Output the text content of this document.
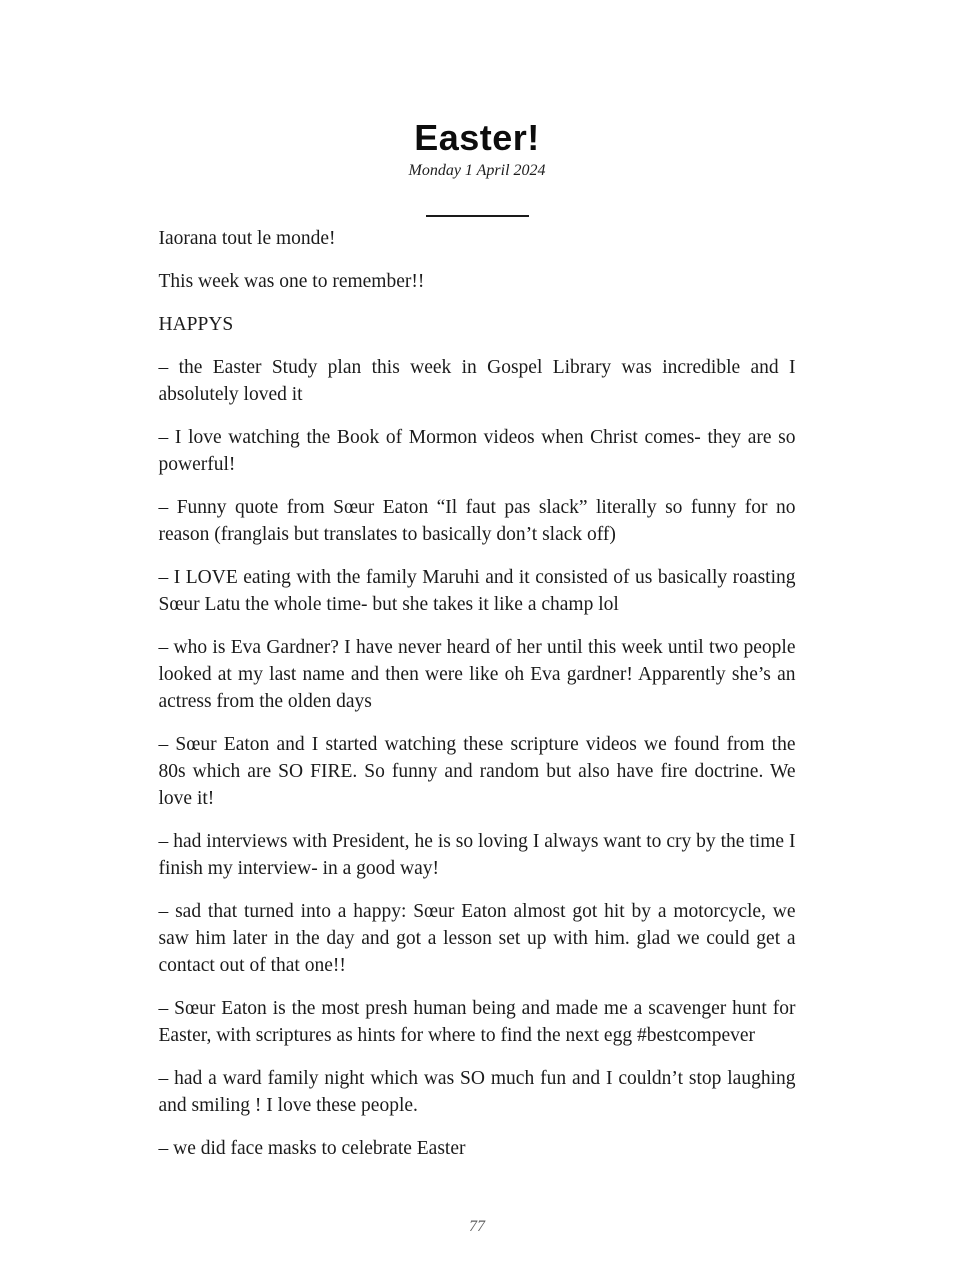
Easter!
Monday 1 April 2024

Iaorana tout le monde!

This week was one to remember!!

HAPPYS

– the Easter Study plan this week in Gospel Library was incredible and I absolutely loved it

– I love watching the Book of Mormon videos when Christ comes- they are so powerful!

– Funny quote from Sœur Eaton “Il faut pas slack” literally so funny for no reason (franglais but translates to basically don’t slack off)

– I LOVE eating with the family Maruhi and it consisted of us basically roasting Sœur Latu the whole time- but she takes it like a champ lol

– who is Eva Gardner? I have never heard of her until this week until two people looked at my last name and then were like oh Eva gardner! Apparently she’s an actress from the olden days

– Sœur Eaton and I started watching these scripture videos we found from the 80s which are SO FIRE. So funny and random but also have fire doctrine. We love it!

– had interviews with President, he is so loving I always want to cry by the time I finish my interview- in a good way!

– sad that turned into a happy: Sœur Eaton almost got hit by a motorcycle, we saw him later in the day and got a lesson set up with him. glad we could get a contact out of that one!!

– Sœur Eaton is the most presh human being and made me a scavenger hunt for Easter, with scriptures as hints for where to find the next egg #bestcompever

– had a ward family night which was SO much fun and I couldn’t stop laughing and smiling ! I love these people.

– we did face masks to celebrate Easter

77
